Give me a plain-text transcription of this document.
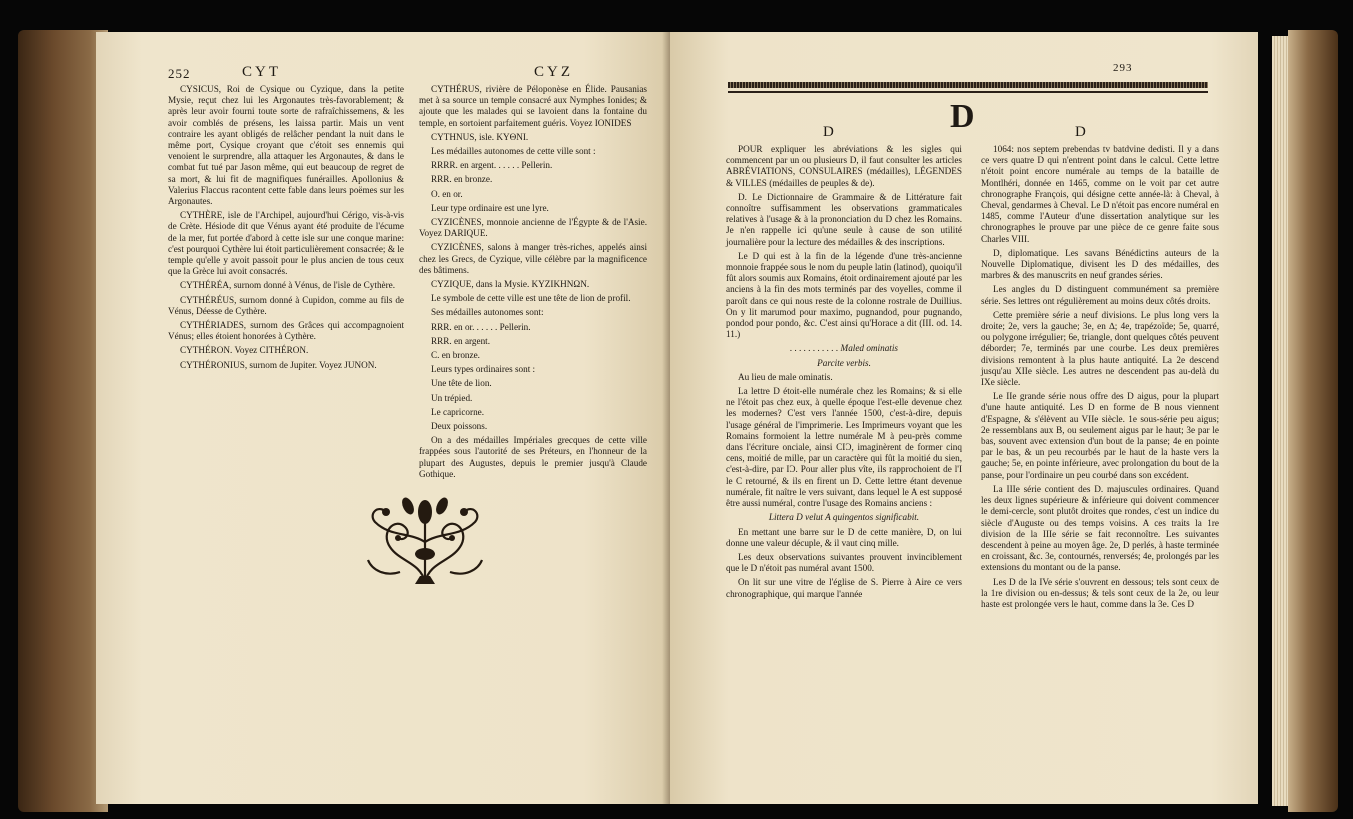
252	CYT	CYZ

CYSICUS, Roi de Cysique ou Cyzique, dans la petite Mysie, reçut chez lui les Argonautes très-favorablement; & après leur avoir fourni toute sorte de rafraîchissemens, & les avoir comblés de présens, les laissa partir. Mais un vent contraire les ayant obligés de relâcher pendant la nuit dans le même port, Cysique croyant que c'étoit ses ennemis qui venoient le surprendre, alla attaquer les Argonautes, & dans le combat fut tué par Jason même, qui eut beaucoup de regret de sa mort, & lui fit de magnifiques funérailles. Apollonius & Valerius Flaccus racontent cette fable dans leurs poëmes sur les Argonautes.

CYTHÈRE, isle de l'Archipel, aujourd'hui Cérigo, vis-à-vis de Crète. Hésiode dit que Vénus ayant été produite de l'écume de la mer, fut portée d'abord à cette isle sur une conque marine: c'est pourquoi Cythère lui étoit particulièrement consacrée; & le temple qu'elle y avoit passoit pour le plus ancien de tous ceux que la Grèce lui avoit consacrés.

CYTHÉRÉA, surnom donné à Vénus, de l'isle de Cythère.

CYTHÉRÉUS, surnom donné à Cupidon, comme au fils de Vénus, Déesse de Cythère.

CYTHÉRIADES, surnom des Grâces qui accompagnoient Vénus; elles étoient honorées à Cythère.

CYTHÉRON. Voyez CITHÉRON.

CYTHÉRONIUS, surnom de Jupiter. Voyez JUNON.

CYTHÉRUS, rivière de Péloponèse en Élide. Pausanias met à sa source un temple consacré aux Nymphes Ionides; & ajoute que les malades qui se lavoient dans la fontaine du temple, en sortoient parfaitement guéris. Voyez IONIDES

CYTHNUS, isle. KYΘNI.

Les médailles autonomes de cette ville sont :

RRRR. en argent. . . . . . Pellerin.

RRR. en bronze.

O. en or.

Leur type ordinaire est une lyre.

CYZICÈNES, monnoie ancienne de l'Égypte & de l'Asie. Voyez DARIQUE.

CYZICÈNES, salons à manger très-riches, appelés ainsi chez les Grecs, de Cyzique, ville célèbre par la magnificence des bâtimens.

CYZIQUE, dans la Mysie. KYZIKHNΩN.

Le symbole de cette ville est une tête de lion de profil.

Ses médailles autonomes sont:

RRR. en or. . . . . . Pellerin.

RRR. en argent.

C. en bronze.

Leurs types ordinaires sont :

Une tête de lion.

Un trépied.

Le capricorne.

Deux poissons.

On a des médailles Impériales grecques de cette ville frappées sous l'autorité de ses Préteurs, en l'honneur de la plupart des Augustes, depuis le premier jusqu'à Claude Gothique.

293
D
D	D

POUR expliquer les abréviations & les sigles qui commencent par un ou plusieurs D, il faut consulter les articles ABRÉVIATIONS, CONSULAIRES (médailles), LÉGENDES & VILLES (médailles de peuples & de).

D. Le Dictionnaire de Grammaire & de Littérature fait connoître suffisamment les observations grammaticales relatives à l'usage & à la prononciation du D chez les Romains. Je n'en rappelle ici qu'une seule à cause de son utilité journalière pour la lecture des médailles & des inscriptions.

Le D qui est à la fin de la légende d'une très-ancienne monnoie frappée sous le nom du peuple latin (latinod), quoiqu'il fût alors soumis aux Romains, étoit ordinairement ajouté par les anciens à la fin des mots terminés par des voyelles, comme il paroît dans ce qui nous reste de la colonne rostrale de Duillius. On y lit marumod pour maximo, pugnandod, pour pugnando, pondod pour pondo, &c. C'est ainsi qu'Horace a dit (III. od. 14. 11.)

. . . . . . . . . . . Maled ominatis

Parcite verbis.

Au lieu de male ominatis.

La lettre D étoit-elle numérale chez les Romains; & si elle ne l'étoit pas chez eux, à quelle époque l'est-elle devenue chez les modernes? C'est vers l'année 1500, c'est-à-dire, depuis l'usage général de l'imprimerie. Les Imprimeurs voyant que les Romains formoient la lettre numérale M à peu-près comme dans l'écriture onciale, ainsi CIƆ, imaginèrent de former cinq cens, moitié de mille, par un caractère qui fût la moitié du sien, c'est-à-dire, par IƆ. Pour aller plus vîte, ils rapprochoient de l'I le C retourné, & ils en firent un D. Cette lettre étant devenue numérale, fit naître le vers suivant, dans lequel le A est supposé être aussi numéral, contre l'usage des Romains anciens :

Littera D velut A quingentos significabit.

En mettant une barre sur le D de cette manière, D, on lui donne une valeur décuple, & il vaut cinq mille.

Les deux observations suivantes prouvent invinciblement que le D n'étoit pas numéral avant 1500.

On lit sur une vitre de l'église de S. Pierre à Aire ce vers chronographique, qui marque l'année

1064: nos septem prebendas tv batdvine dedisti. Il y a dans ce vers quatre D qui n'entrent point dans le calcul. Cette lettre n'étoit point encore numérale au temps de la bataille de Montlhéri, donnée en 1465, comme on le voit par cet autre chronographe François, qui désigne cette année-là: à Cheval, à Cheval, gendarmes à Cheval. Le D n'étoit pas encore numéral en 1485, comme l'Auteur d'une dissertation analytique sur les chronographes le prouve par une pièce de ce genre faite sous Charles VIII.

D, diplomatique. Les savans Bénédictins auteurs de la Nouvelle Diplomatique, divisent les D des médailles, des marbres & des manuscrits en neuf grandes séries.

Les angles du D distinguent communément sa première série. Ses lettres ont régulièrement au moins deux côtés droits.

Cette première série a neuf divisions. Le plus long vers la droite; 2e, vers la gauche; 3e, en ∆; 4e, trapézoïde; 5e, quarré, ou polygone irrégulier; 6e, triangle, dont quelques côtés peuvent déborder; 7e, terminés par une courbe. Les deux premières divisions remontent à la plus haute antiquité. La 2e descend jusqu'au XIIe siècle. Les autres ne descendent pas au-delà du IXe siècle.

Le IIe grande série nous offre des D aigus, pour la plupart d'une haute antiquité. Les D en forme de B nous viennent d'Espagne, & s'élèvent au VIIe siècle. 1e sous-série peu aigus; 2e ressemblans aux B, ou seulement aigus par le haut; 3e par le bas, souvent avec extension d'un bout de la panse; 4e en pointe par le bas, & un peu recourbés par le haut de la haste vers la gauche; 5e, en pointe inférieure, avec prolongation du bout de la panse, pour l'ordinaire un peu courbé dans son excédent.

La IIIe série contient des D. majuscules ordinaires. Quand les deux lignes supérieure & inférieure qui doivent commencer le demi-cercle, sont plutôt droites que rondes, c'est un indice du siècle d'Auguste ou des temps voisins. A ces traits la 1re division de la IIIe série se fait reconnoître. Les suivantes descendent à peine au moyen âge. 2e, D perlés, à haste terminée en croissant, &c. 3e, contournés, renversés; 4e, prolongés par les extensions du montant ou de la panse.

Les D de la IVe série s'ouvrent en dessous; tels sont ceux de la 1re division ou en-dessus; & tels sont ceux de la 2e, ou leur haste est prolongée vers le haut, comme dans la 3e. Ces D
